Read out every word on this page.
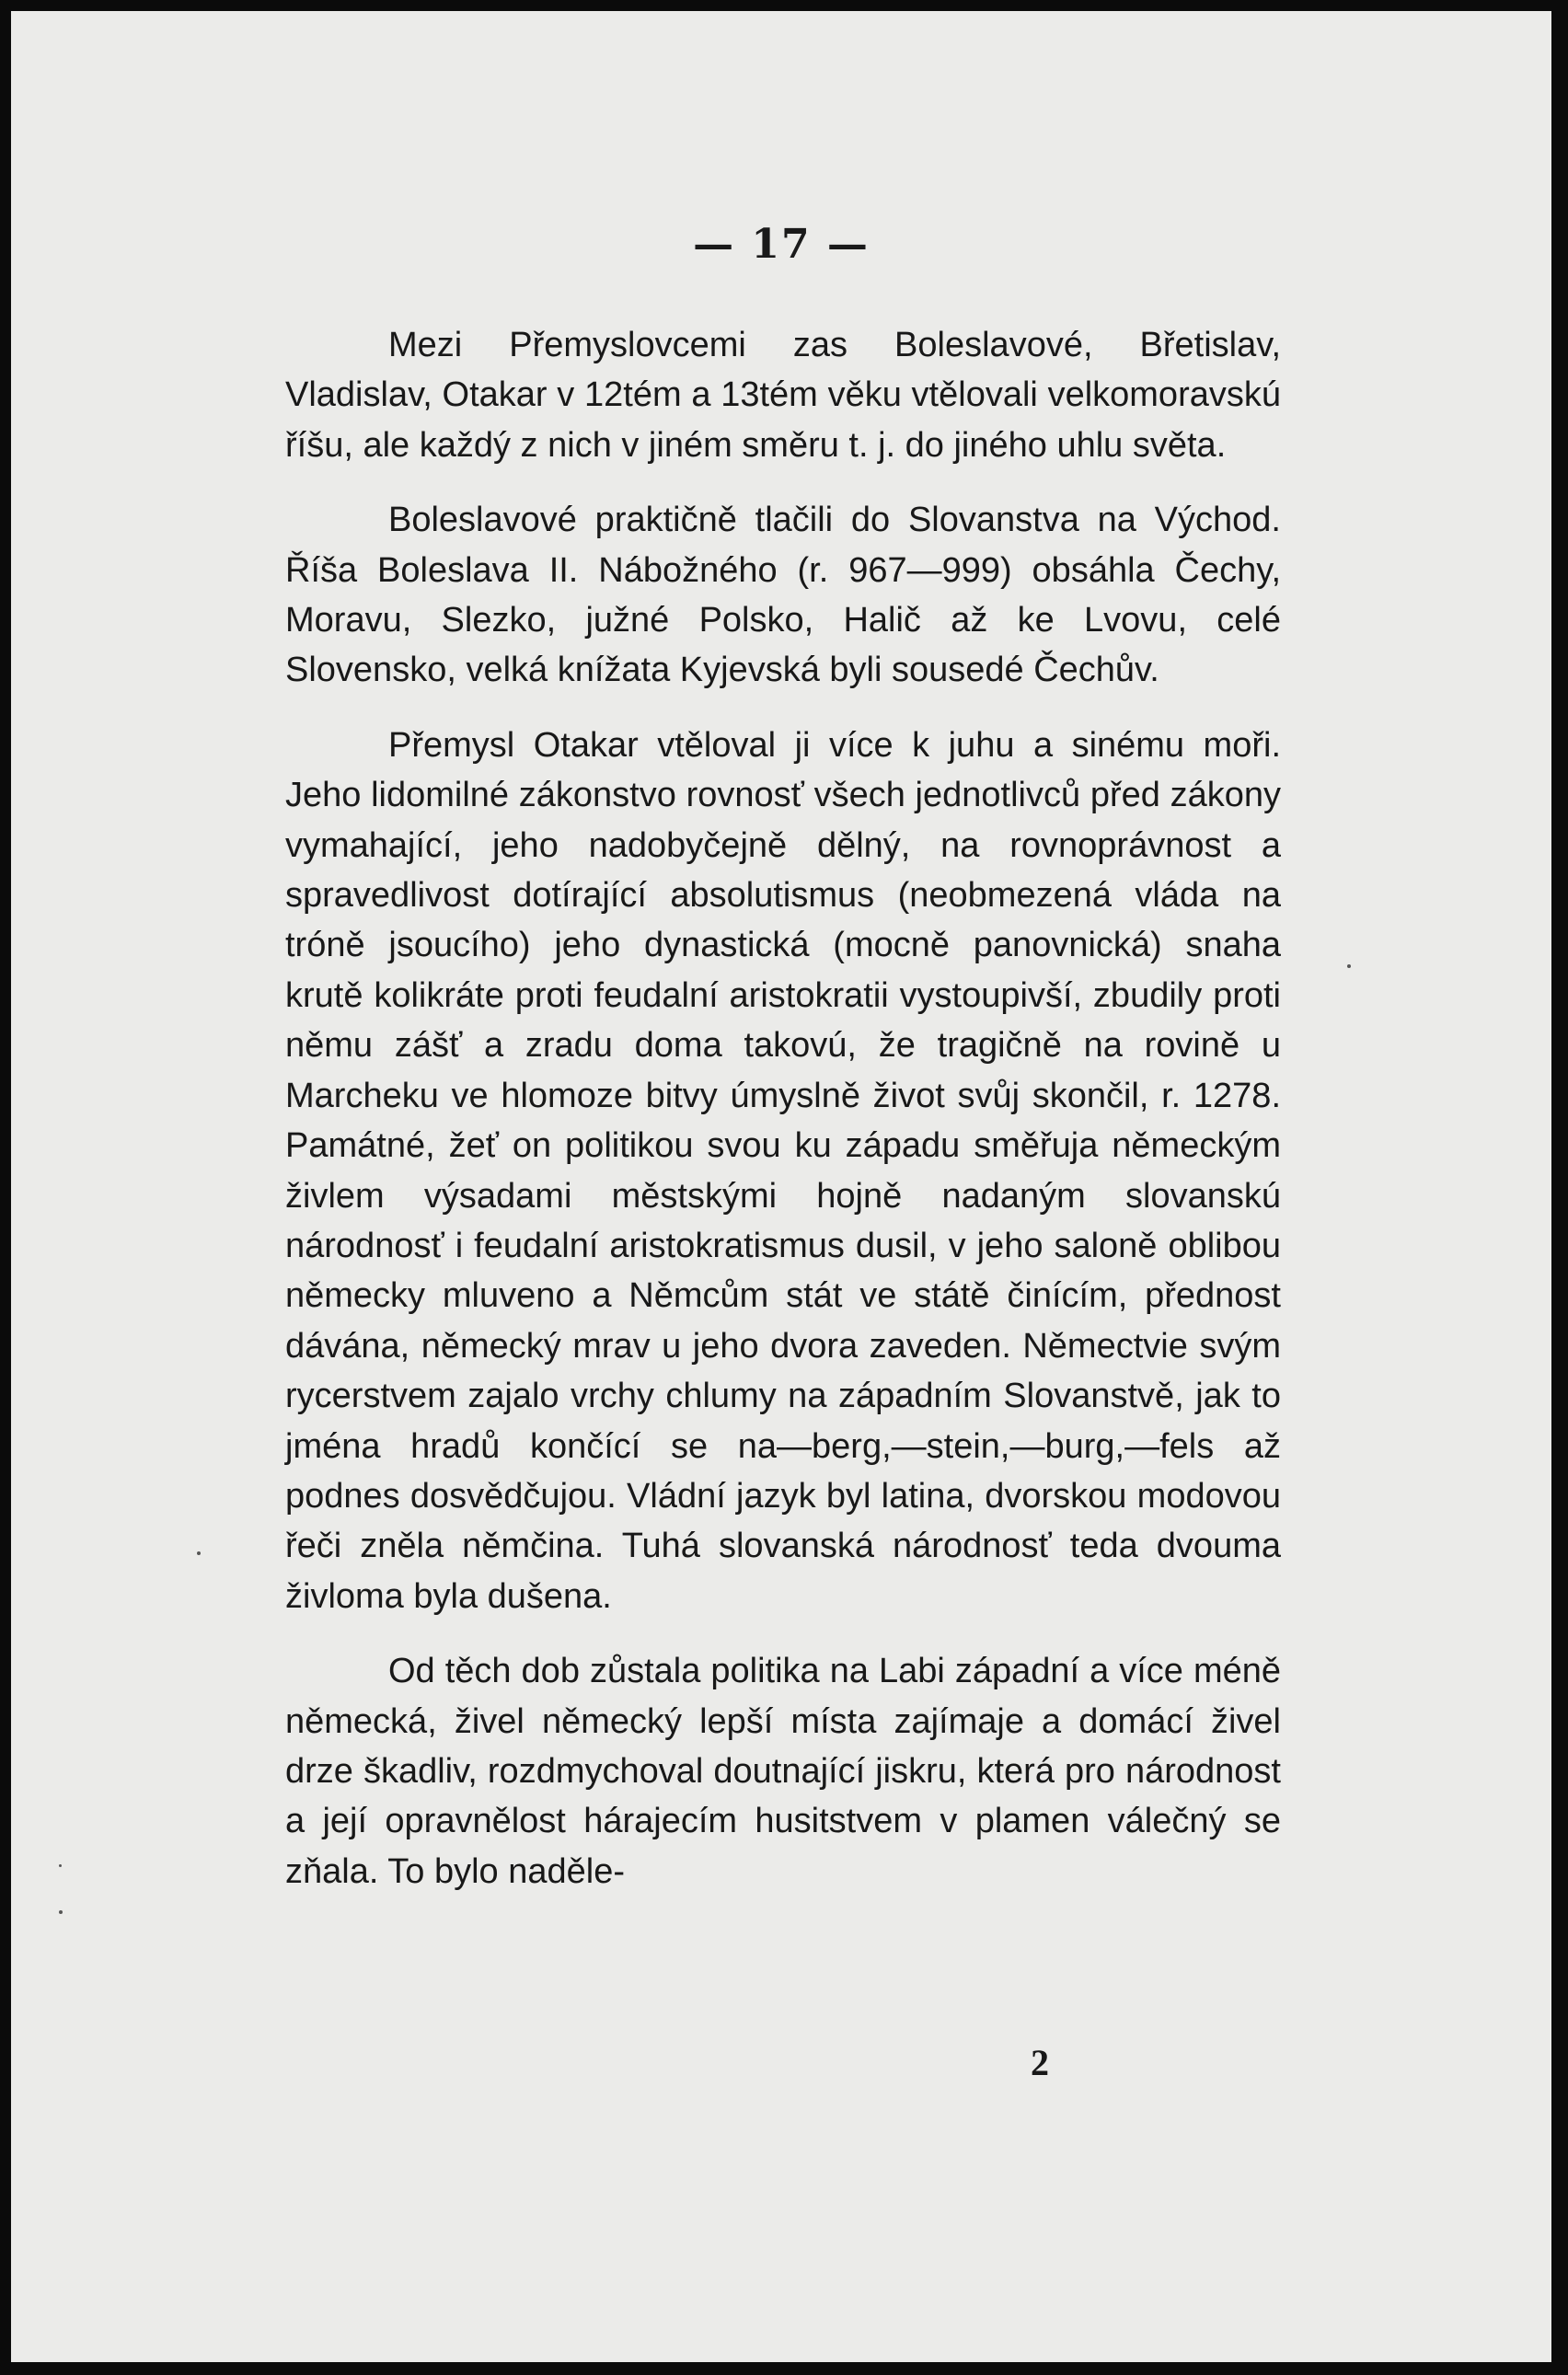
— 17 —

Mezi Přemyslovcemi zas Boleslavové, Břetislav, Vladislav, Otakar v 12tém a 13tém věku vtělovali velkomoravskú říšu, ale každý z nich v jiném směru t. j. do jiného uhlu světa.

Boleslavové praktičně tlačili do Slovanstva na Východ. Říša Boleslava II. Nábožného (r. 967—999) obsáhla Čechy, Moravu, Slezko, južné Polsko, Halič až ke Lvovu, celé Slovensko, velká knížata Kyjevská byli sousedé Čechův.

Přemysl Otakar vtěloval ji více k juhu a sinému moři. Jeho lidomilné zákonstvo rovnosť všech jednotlivců před zákony vymahající, jeho nadobyčejně dělný, na rovnoprávnost a spravedlivost dotírající absolutismus (neobmezená vláda na tróně jsoucího) jeho dynastická (mocně panovnická) snaha krutě kolikráte proti feudalní aristokratii vystoupivší, zbudily proti němu zášť a zradu doma takovú, že tragičně na rovině u Marcheku ve hlomoze bitvy úmyslně život svůj skončil, r. 1278. Památné, žeť on politikou svou ku západu směřuja německým živlem výsadami městskými hojně nadaným slovanskú národnosť i feudalní aristokratismus dusil, v jeho saloně oblibou německy mluveno a Němcům stát ve státě činícím, přednost dávána, německý mrav u jeho dvora zaveden. Němectvie svým rycerstvem zajalo vrchy chlumy na západním Slovanstvě, jak to jména hradů končící se na—berg,—stein,—burg,—fels až podnes dosvědčujou. Vládní jazyk byl latina, dvorskou modovou řeči zněla němčina. Tuhá slovanská národnosť teda dvouma živloma byla dušena.

Od těch dob zůstala politika na Labi západní a více méně německá, živel německý lepší místa zajímaje a domácí živel drze škadliv, rozdmychoval doutnající jiskru, která pro národnost a její opravnělost hárajecím husitstvem v plamen válečný se zňala. To bylo naděle-

2
